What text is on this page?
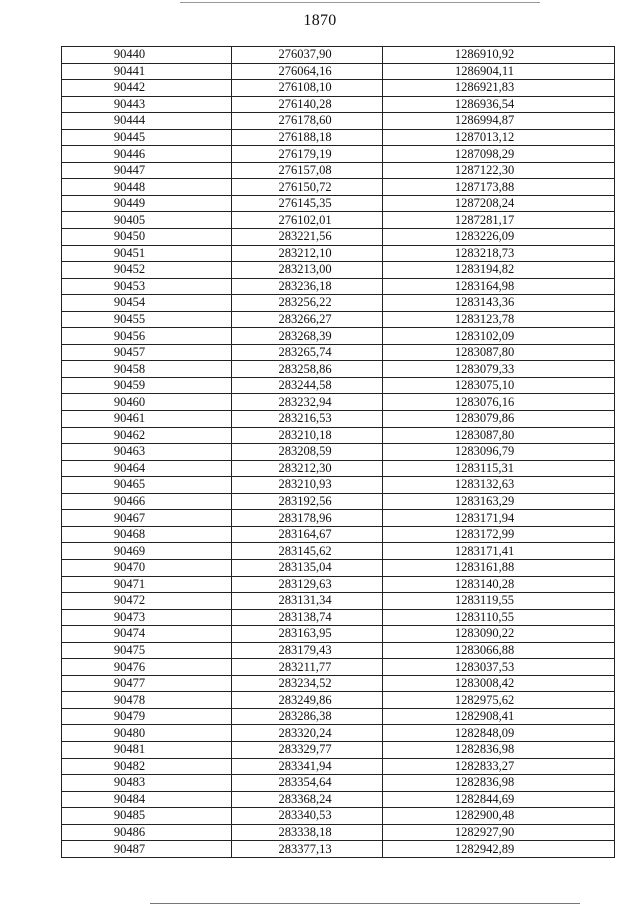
1870
90440	276037,90	1286910,92
90441	276064,16	1286904,11
90442	276108,10	1286921,83
90443	276140,28	1286936,54
90444	276178,60	1286994,87
90445	276188,18	1287013,12
90446	276179,19	1287098,29
90447	276157,08	1287122,30
90448	276150,72	1287173,88
90449	276145,35	1287208,24
90405	276102,01	1287281,17
90450	283221,56	1283226,09
90451	283212,10	1283218,73
90452	283213,00	1283194,82
90453	283236,18	1283164,98
90454	283256,22	1283143,36
90455	283266,27	1283123,78
90456	283268,39	1283102,09
90457	283265,74	1283087,80
90458	283258,86	1283079,33
90459	283244,58	1283075,10
90460	283232,94	1283076,16
90461	283216,53	1283079,86
90462	283210,18	1283087,80
90463	283208,59	1283096,79
90464	283212,30	1283115,31
90465	283210,93	1283132,63
90466	283192,56	1283163,29
90467	283178,96	1283171,94
90468	283164,67	1283172,99
90469	283145,62	1283171,41
90470	283135,04	1283161,88
90471	283129,63	1283140,28
90472	283131,34	1283119,55
90473	283138,74	1283110,55
90474	283163,95	1283090,22
90475	283179,43	1283066,88
90476	283211,77	1283037,53
90477	283234,52	1283008,42
90478	283249,86	1282975,62
90479	283286,38	1282908,41
90480	283320,24	1282848,09
90481	283329,77	1282836,98
90482	283341,94	1282833,27
90483	283354,64	1282836,98
90484	283368,24	1282844,69
90485	283340,53	1282900,48
90486	283338,18	1282927,90
90487	283377,13	1282942,89
